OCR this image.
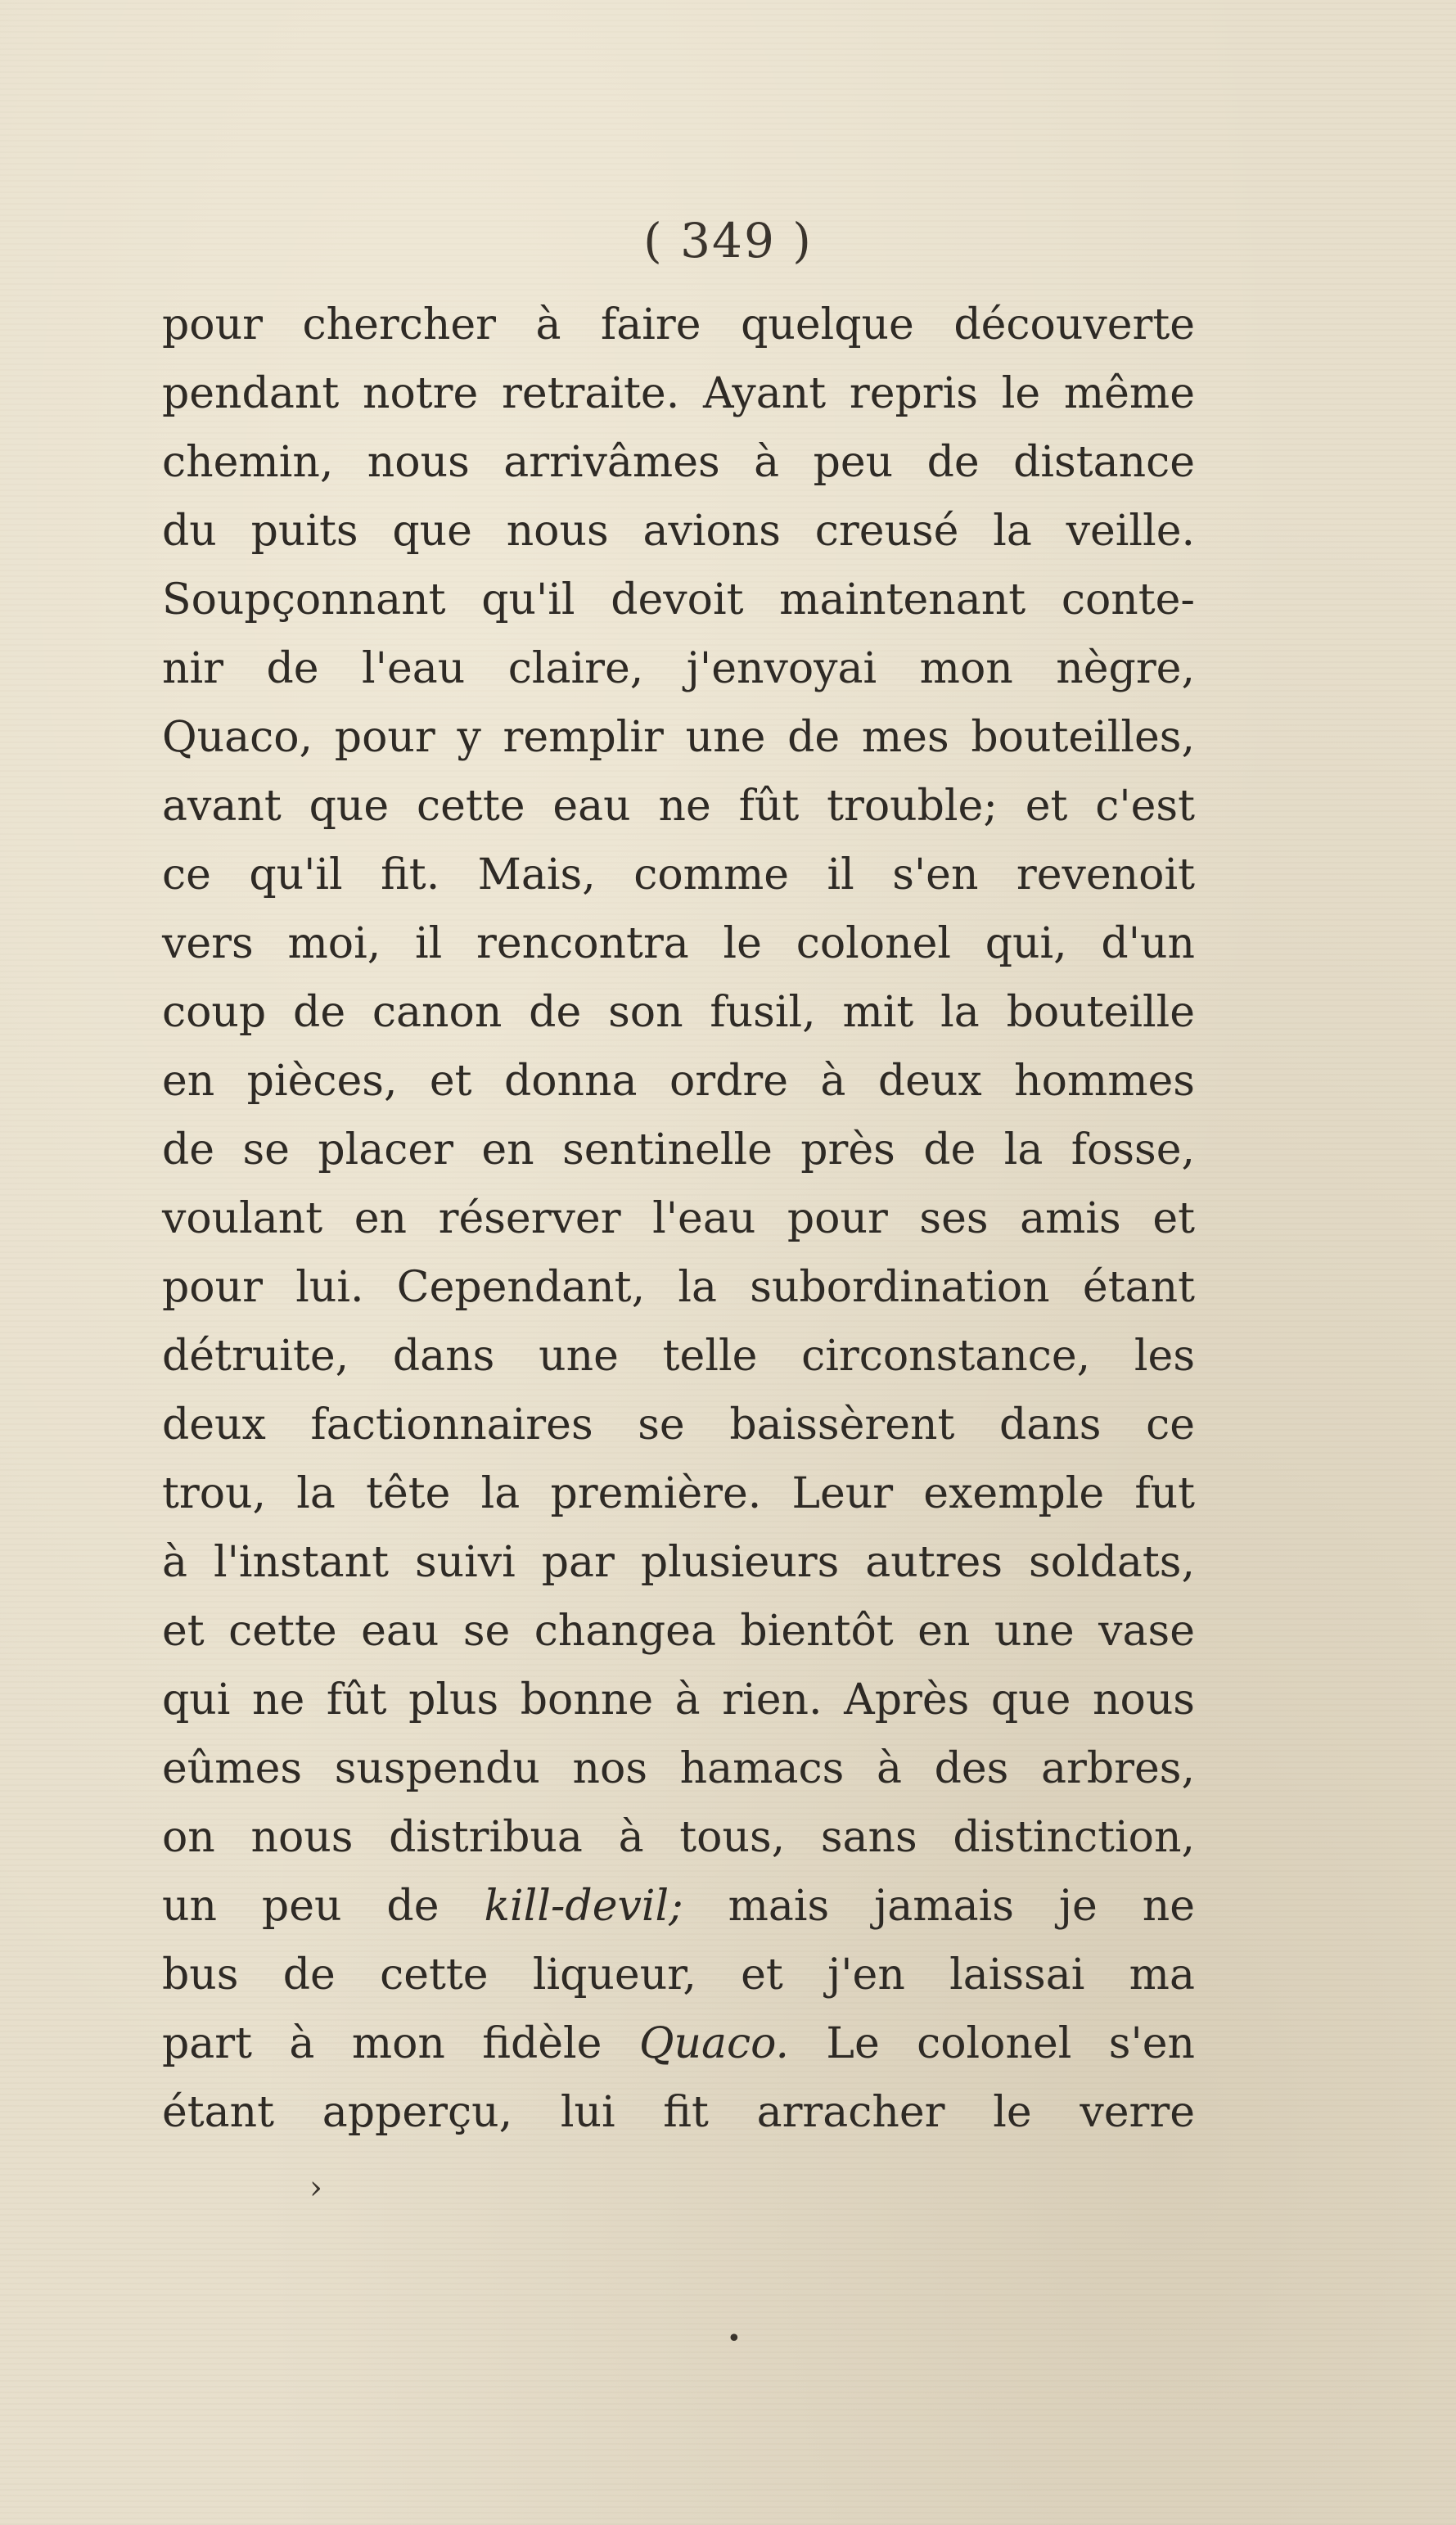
( 349 )
pour chercher à faire quelque découverte
pendant notre retraite. Ayant repris le même
chemin, nous arrivâmes à peu de distance
du puits que nous avions creusé la veille.
Soupçonnant qu'il devoit maintenant conte-
nir de l'eau claire, j'envoyai mon nègre,
Quaco, pour y remplir une de mes bouteilles,
avant que cette eau ne fût trouble; et c'est
ce qu'il fit. Mais, comme il s'en revenoit
vers moi, il rencontra le colonel qui, d'un
coup de canon de son fusil, mit la bouteille
en pièces, et donna ordre à deux hommes
de se placer en sentinelle près de la fosse,
voulant en réserver l'eau pour ses amis et
pour lui. Cependant, la subordination étant
détruite, dans une telle circonstance, les
deux factionnaires se baissèrent dans ce
trou, la tête la première. Leur exemple fut
à l'instant suivi par plusieurs autres soldats,
et cette eau se changea bientôt en une vase
qui ne fût plus bonne à rien. Après que nous
eûmes suspendu nos hamacs à des arbres,
on nous distribua à tous, sans distinction,
un peu de kill-devil; mais jamais je ne
bus de cette liqueur, et j'en laissai ma
part à mon fidèle Quaco. Le colonel s'en
étant apperçu, lui fit arracher le verre
›
•
